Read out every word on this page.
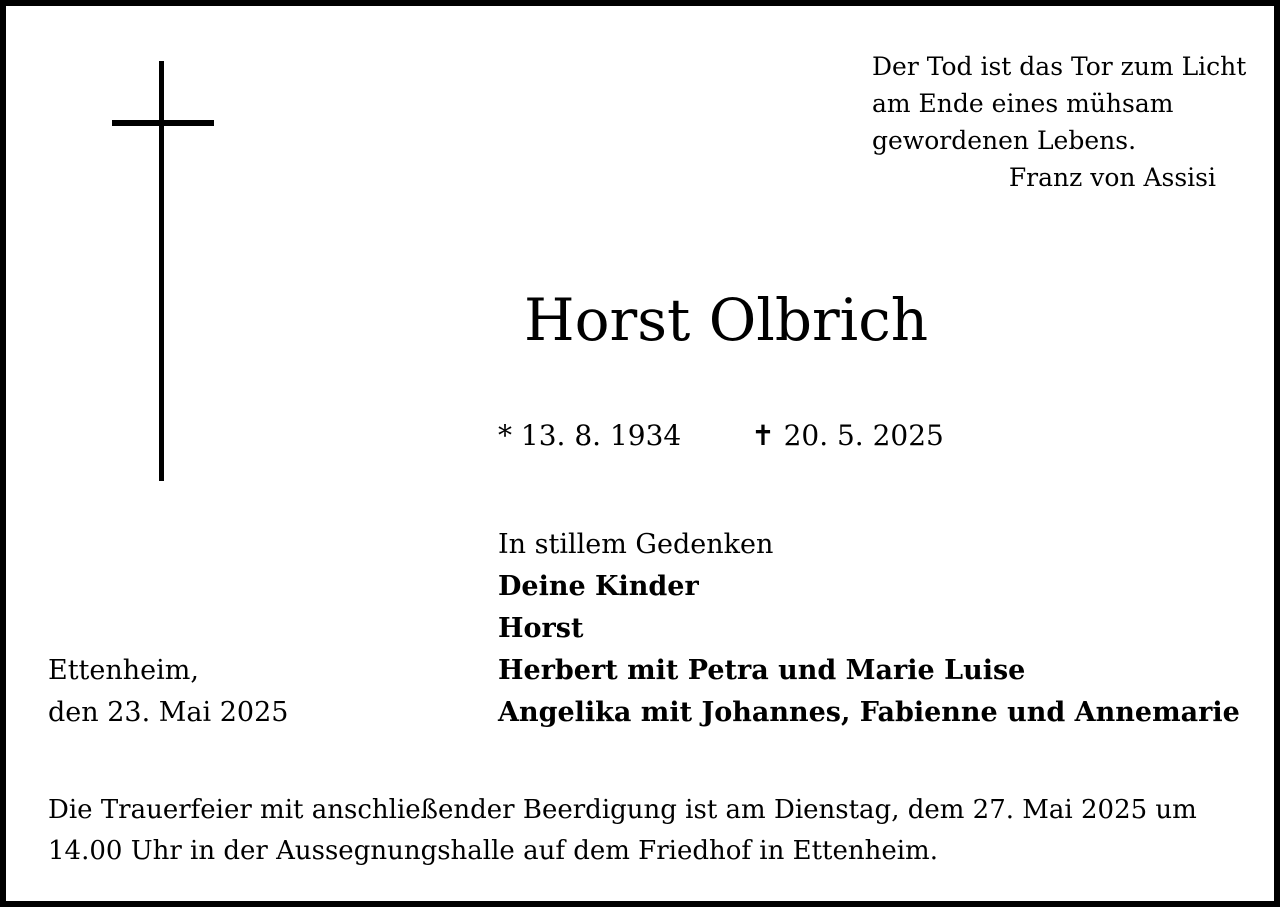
Der Tod ist das Tor zum Licht
am Ende eines mühsam
gewordenen Lebens.
Franz von Assisi
Horst Olbrich
* 13. 8. 1934	✝ 20. 5. 2025
In stillem Gedenken
Deine Kinder
Horst
Herbert mit Petra und Marie Luise
Angelika mit Johannes, Fabienne und Annemarie
Ettenheim,
den 23. Mai 2025
Die Trauerfeier mit anschließender Beerdigung ist am Dienstag, dem 27. Mai 2025 um
14.00 Uhr in der Aussegnungshalle auf dem Friedhof in Ettenheim.
